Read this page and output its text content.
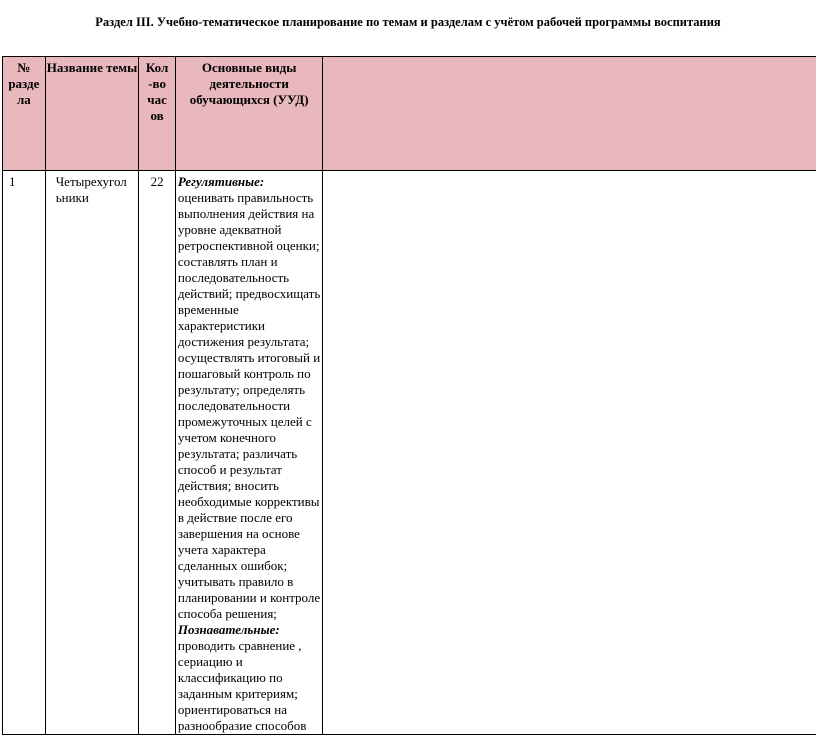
Раздел III. Учебно-тематическое планирование по темам и разделам с учётом рабочей программы воспитания
№ разде ла	Название темы	Кол -во час ов	Основные виды деятельности обучающихся (УУД)	
1	Четырехугол ьники	22	Регулятивные: оценивать правильность выполнения действия на уровне адекватной ретроспективной оценки; составлять план и последовательность действий; предвосхищать временные характеристики достижения результата; осуществлять итоговый и пошаговый контроль по результату; определять последовательности промежуточных целей с учетом конечного результата; различать способ и результат действия; вносить необходимые коррективы в действие после его завершения на основе учета характера сделанных ошибок; учитывать правило в планировании и контроле способа решения; Познавательные: проводить сравнение , сериацию и классификацию по заданным критериям; ориентироваться на разнообразие способов	
